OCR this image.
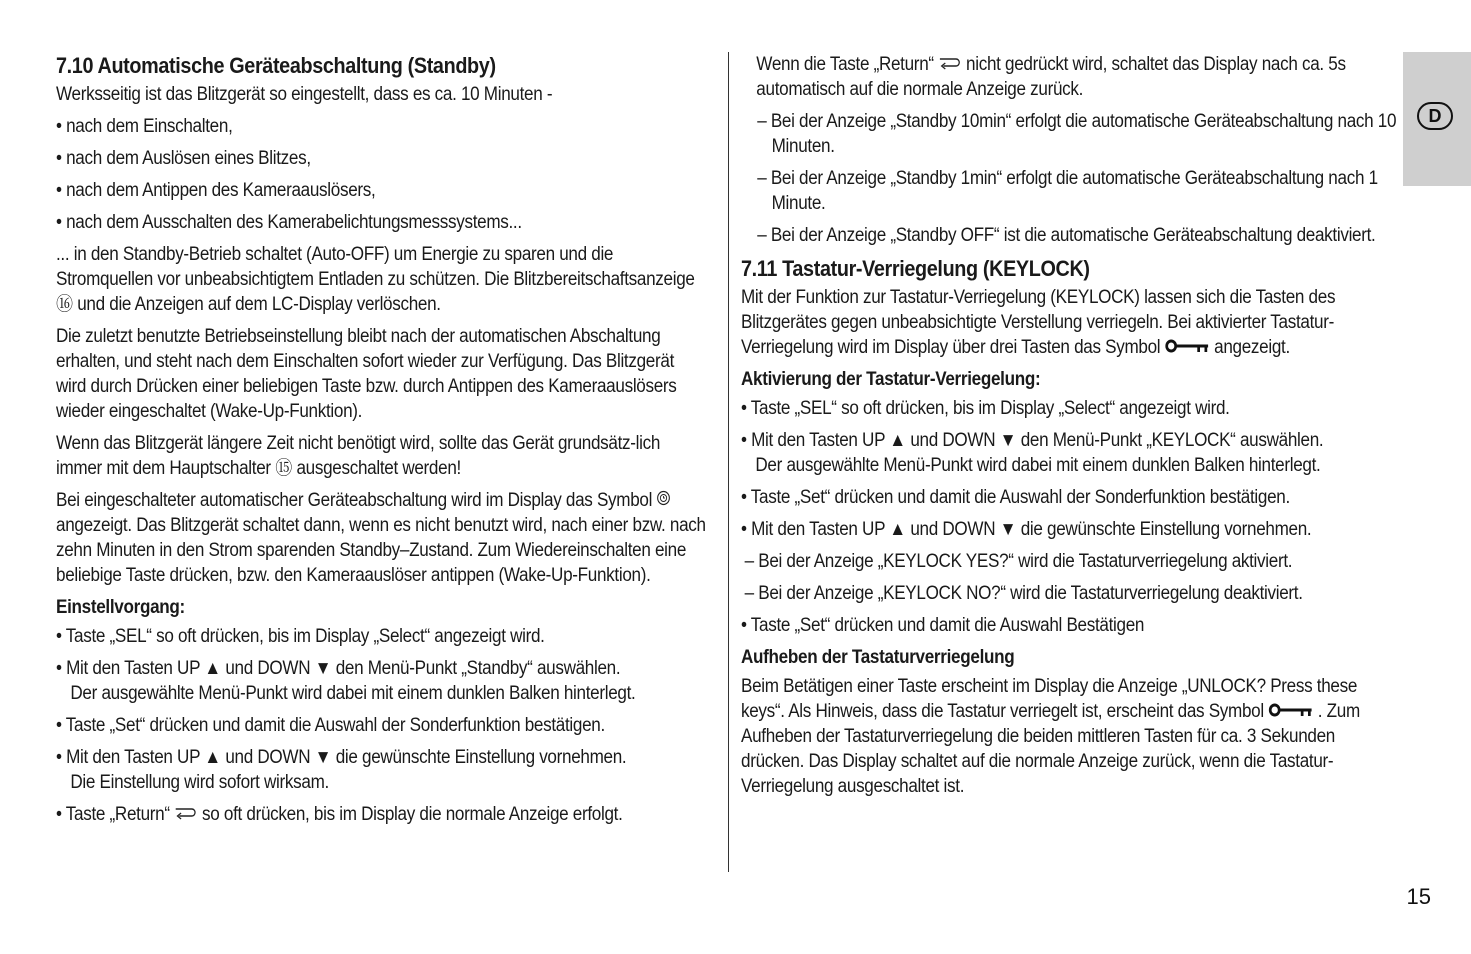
D
7.10 Automatische Geräteabschaltung (Standby)

Werksseitig ist das Blitzgerät so eingestellt, dass es ca. 10 Minuten -

• nach dem Einschalten,
• nach dem Auslösen eines Blitzes,
• nach dem Antippen des Kameraauslösers,
• nach dem Ausschalten des Kamerabelichtungsmesssystems...

... in den Standby-Betrieb schaltet (Auto-OFF) um Energie zu sparen und die Stromquellen vor unbeabsichtigtem Entladen zu schützen. Die Blitzbereitschaftsanzeige ⑯ und die Anzeigen auf dem LC-Display verlöschen.

Die zuletzt benutzte Betriebseinstellung bleibt nach der automatischen Abschaltung erhalten, und steht nach dem Einschalten sofort wieder zur Verfügung. Das Blitzgerät wird durch Drücken einer beliebigen Taste bzw. durch Antippen des Kameraauslösers wieder eingeschaltet (Wake-Up-Funktion).

Wenn das Blitzgerät längere Zeit nicht benötigt wird, sollte das Gerät grundsätz-lich immer mit dem Hauptschalter ⑮ ausgeschaltet werden!

Bei eingeschalteter automatischer Geräteabschaltung wird im Display das Symbol  angezeigt. Das Blitzgerät schaltet dann, wenn es nicht benutzt wird, nach einer bzw. nach zehn Minuten in den Strom sparenden Standby–Zustand. Zum Wiedereinschalten eine beliebige Taste drücken, bzw. den Kameraauslöser antippen (Wake-Up-Funktion).

Einstellvorgang:
• Taste „SEL“ so oft drücken, bis im Display „Select“ angezeigt wird.
• Mit den Tasten UP ▲ und DOWN ▼ den Menü-Punkt „Standby“ auswählen.
Der ausgewählte Menü-Punkt wird dabei mit einem dunklen Balken hinterlegt.
• Taste „Set“ drücken und damit die Auswahl der Sonderfunktion bestätigen.
• Mit den Tasten UP ▲ und DOWN ▼ die gewünschte Einstellung vornehmen.
Die Einstellung wird sofort wirksam.
• Taste „Return“ so oft drücken, bis im Display die normale Anzeige erfolgt.

Wenn die Taste „Return“ nicht gedrückt wird, schaltet das Display nach ca. 5s automatisch auf die normale Anzeige zurück.

– Bei der Anzeige „Standby 10min“ erfolgt die automatische Geräteabschaltung nach 10 Minuten.
– Bei der Anzeige „Standby 1min“ erfolgt die automatische Geräteabschaltung nach 1 Minute.
– Bei der Anzeige „Standby OFF“ ist die automatische Geräteabschaltung deaktiviert.
7.11 Tastatur-Verriegelung (KEYLOCK)

Mit der Funktion zur Tastatur-Verriegelung (KEYLOCK) lassen sich die Tasten des Blitzgerätes gegen unbeabsichtigte Verstellung verriegeln. Bei aktivierter Tastatur-Verriegelung wird im Display über drei Tasten das Symbol	angezeigt.

Aktivierung der Tastatur-Verriegelung:
• Taste „SEL“ so oft drücken, bis im Display „Select“ angezeigt wird.
• Mit den Tasten UP ▲ und DOWN ▼ den Menü-Punkt „KEYLOCK“ auswählen.
Der ausgewählte Menü-Punkt wird dabei mit einem dunklen Balken hinterlegt.
• Taste „Set“ drücken und damit die Auswahl der Sonderfunktion bestätigen.
• Mit den Tasten UP ▲ und DOWN ▼ die gewünschte Einstellung vornehmen.
– Bei der Anzeige „KEYLOCK YES?“ wird die Tastaturverriegelung aktiviert.
– Bei der Anzeige „KEYLOCK NO?“ wird die Tastaturverriegelung deaktiviert.
• Taste „Set“ drücken und damit die Auswahl Bestätigen
Aufheben der Tastaturverriegelung

Beim Betätigen einer Taste erscheint im Display die Anzeige „UNLOCK? Press these keys“. Als Hinweis, dass die Tastatur verriegelt ist, erscheint das Symbol	. Zum Aufheben der Tastaturverriegelung die beiden mittleren Tasten für ca. 3 Sekunden drücken. Das Display schaltet auf die normale Anzeige zurück, wenn die Tastatur-Verriegelung ausgeschaltet ist.

15
